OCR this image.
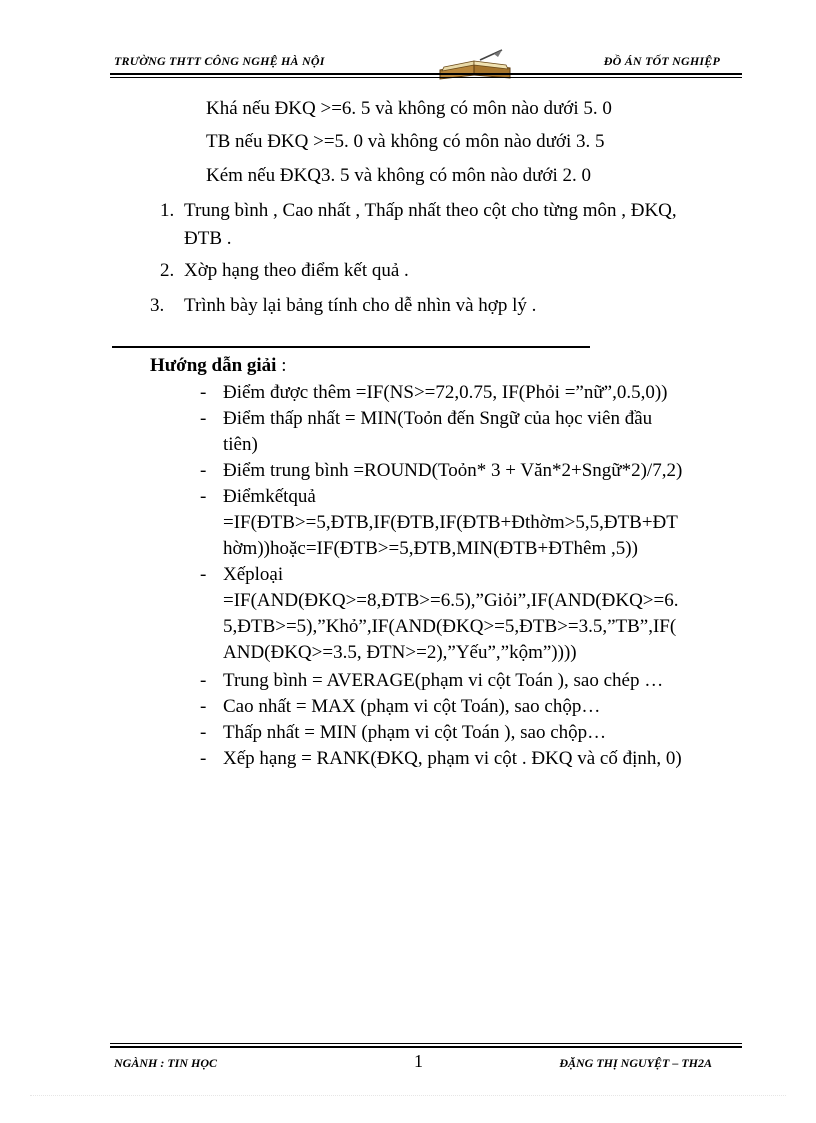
TRƯỜNG THTT CÔNG NGHỆ HÀ NỘI	ĐỒ ÁN TỐT NGHIỆP
Khá nếu ĐKQ >=6. 5 và không có môn nào dưới 5. 0
TB nếu ĐKQ >=5. 0 và không có môn nào dưới 3. 5
Kém nếu ĐKQ3. 5 và không có môn nào dưới 2. 0
1. Trung bình , Cao nhất , Thấp nhất theo cột cho từng môn , ĐKQ,
ĐTB .
2. Xờp hạng theo điểm kết quả .
3. Trình bày lại bảng tính cho dễ nhìn và hợp lý .
Hướng dẫn giải :
- Điểm được thêm =IF(NS>=72,0.75, IF(Phỏi =”nữ”,0.5,0))
- Điểm thấp nhất = MIN(Toỏn đến Sngữ của học viên đầu
tiên)
- Điểm trung bình =ROUND(Toỏn* 3 + Văn*2+Sngữ*2)/7,2)
- Điểmkếtquả
=IF(ĐTB>=5,ĐTB,IF(ĐTB,IF(ĐTB+Đthờm>5,5,ĐTB+ĐT
hờm))hoặc=IF(ĐTB>=5,ĐTB,MIN(ĐTB+ĐThêm ,5))
- Xếploại
=IF(AND(ĐKQ>=8,ĐTB>=6.5),”Giỏi”,IF(AND(ĐKQ>=6.
5,ĐTB>=5),”Khỏ”,IF(AND(ĐKQ>=5,ĐTB>=3.5,”TB”,IF(
AND(ĐKQ>=3.5, ĐTN>=2),”Yếu”,”kộm”))))
- Trung bình = AVERAGE(phạm vi cột Toán ), sao chép …
- Cao nhất = MAX (phạm vi cột Toán), sao chộp…
- Thấp nhất = MIN (phạm vi cột Toán ), sao chộp…
- Xếp hạng = RANK(ĐKQ, phạm vi cột . ĐKQ và cố định, 0)
NGÀNH : TIN HỌC	1	ĐẶNG THỊ NGUYỆT – TH2A
